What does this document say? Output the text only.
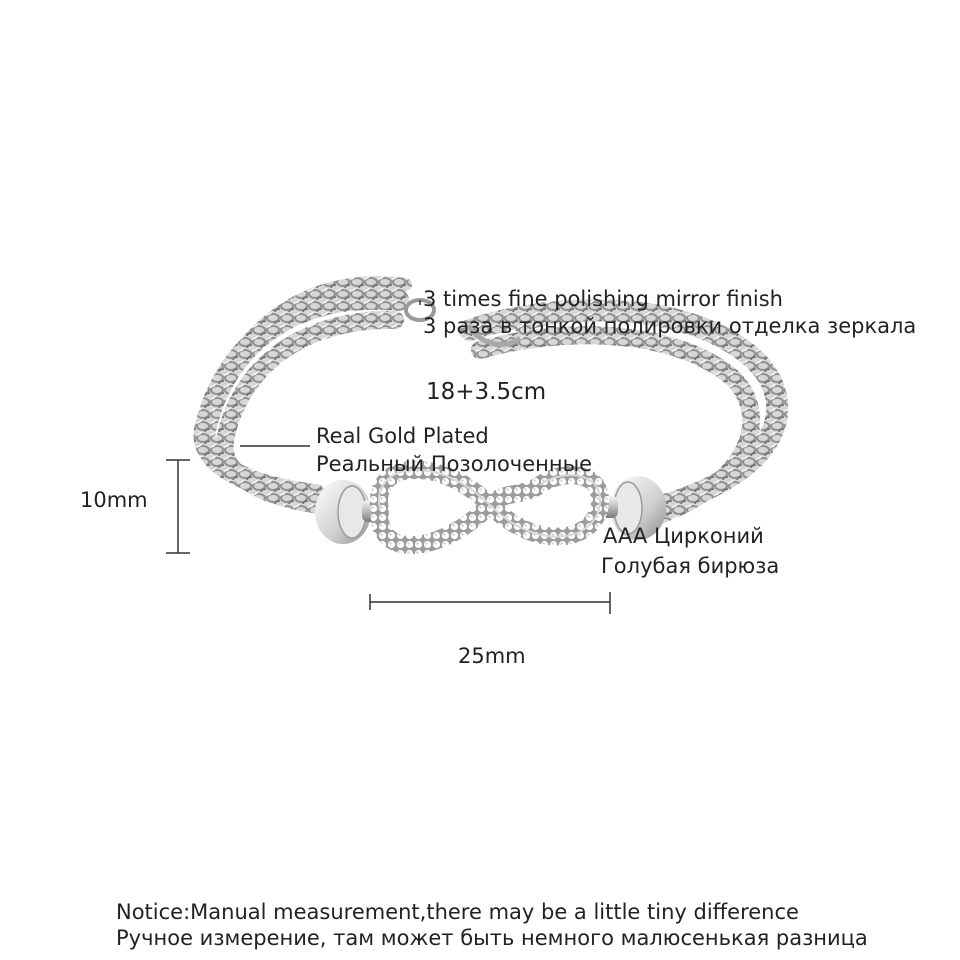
3 times fine polishing mirror finish
3 раза в тонкой полировки отделка зеркала
18+3.5cm
Real Gold Plated
Реальный Позолоченные
10mm
AAA Цирконий
Голубая бирюза
25mm
Notice:Manual measurement,there may be a little tiny difference
Ручное измерение, там может быть немного малюсенькая разница
